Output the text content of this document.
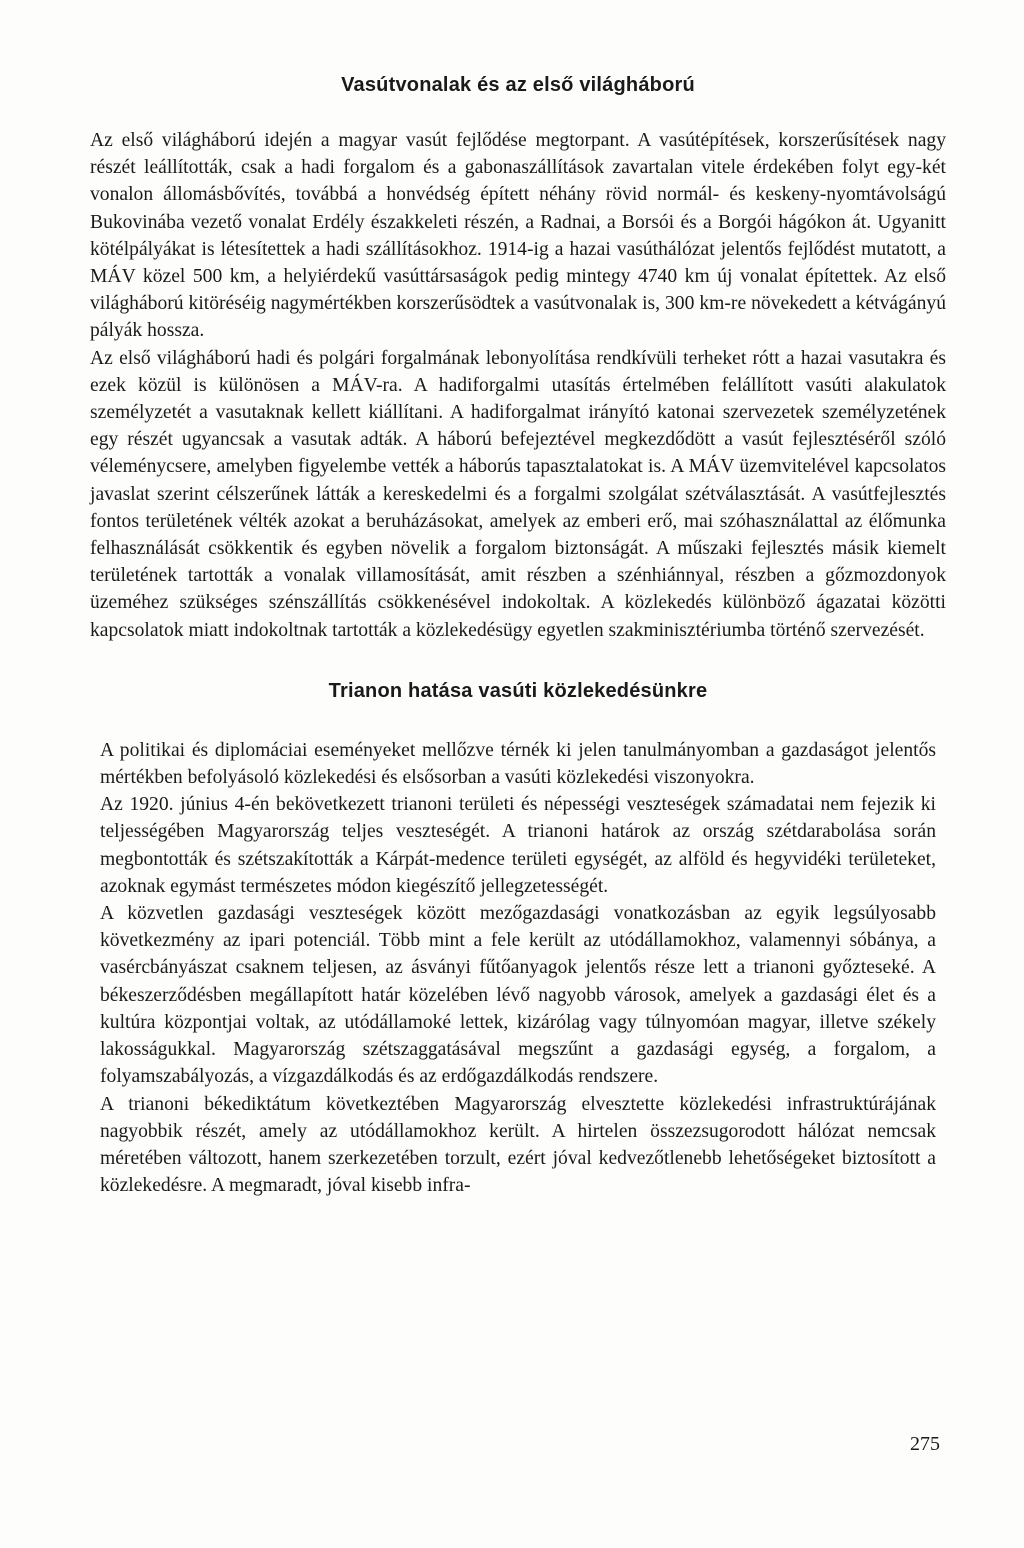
Vasútvonalak és az első világháború

Az első világháború idején a magyar vasút fejlődése megtorpant. A vasútépítések, korszerűsítések nagy részét leállították, csak a hadi forgalom és a gabonaszállítások zavartalan vitele érdekében folyt egy-két vonalon állomásbővítés, továbbá a honvédség épített néhány rövid normál- és keskeny-nyomtávolságú Bukovinába vezető vonalat Erdély északkeleti részén, a Radnai, a Borsói és a Borgói hágókon át. Ugyanitt kötélpályákat is létesítettek a hadi szállításokhoz. 1914-ig a hazai vasúthálózat jelentős fejlődést mutatott, a MÁV közel 500 km, a helyiérdekű vasúttársaságok pedig mintegy 4740 km új vonalat építettek. Az első világháború kitöréséig nagymértékben korszerűsödtek a vasútvonalak is, 300 km-re növekedett a kétvágányú pályák hossza.

Az első világháború hadi és polgári forgalmának lebonyolítása rendkívüli terheket rótt a hazai vasutakra és ezek közül is különösen a MÁV-ra. A hadiforgalmi utasítás értelmében felállított vasúti alakulatok személyzetét a vasutaknak kellett kiállítani. A hadiforgalmat irányító katonai szervezetek személyzetének egy részét ugyancsak a vasutak adták. A háború befejeztével megkezdődött a vasút fejlesztéséről szóló véleménycsere, amelyben figyelembe vették a háborús tapasztalatokat is. A MÁV üzemvitelével kapcsolatos javaslat szerint célszerűnek látták a kereskedelmi és a forgalmi szolgálat szétválasztását. A vasútfejlesztés fontos területének vélték azokat a beruházásokat, amelyek az emberi erő, mai szóhasználattal az élőmunka felhasználását csökkentik és egyben növelik a forgalom biztonságát. A műszaki fejlesztés másik kiemelt területének tartották a vonalak villamosítását, amit részben a szénhiánnyal, részben a gőzmozdonyok üzeméhez szükséges szénszállítás csökkenésével indokoltak. A közlekedés különböző ágazatai közötti kapcsolatok miatt indokoltnak tartották a közlekedésügy egyetlen szakminisztériumba történő szervezését.

Trianon hatása vasúti közlekedésünkre

A politikai és diplomáciai eseményeket mellőzve térnék ki jelen tanulmányomban a gazdaságot jelentős mértékben befolyásoló közlekedési és elsősorban a vasúti közlekedési viszonyokra.

Az 1920. június 4-én bekövetkezett trianoni területi és népességi veszteségek számadatai nem fejezik ki teljességében Magyarország teljes veszteségét. A trianoni határok az ország szétdarabolása során megbontották és szétszakították a Kárpát-medence területi egységét, az alföld és hegyvidéki területeket, azoknak egymást természetes módon kiegészítő jellegzetességét.

A közvetlen gazdasági veszteségek között mezőgazdasági vonatkozásban az egyik legsúlyosabb következmény az ipari potenciál. Több mint a fele került az utódállamokhoz, valamennyi sóbánya, a vasércbányászat csaknem teljesen, az ásványi fűtőanyagok jelentős része lett a trianoni győzteseké. A békeszerződésben megállapított határ közelében lévő nagyobb városok, amelyek a gazdasági élet és a kultúra központjai voltak, az utódállamoké lettek, kizárólag vagy túlnyomóan magyar, illetve székely lakosságukkal. Magyarország szétszaggatásával megszűnt a gazdasági egység, a forgalom, a folyamszabályozás, a vízgazdálkodás és az erdőgazdálkodás rendszere.

A trianoni békediktátum következtében Magyarország elvesztette közlekedési infrastruktúrájának nagyobbik részét, amely az utódállamokhoz került. A hirtelen összezsugorodott hálózat nemcsak méretében változott, hanem szerkezetében torzult, ezért jóval kedvezőtlenebb lehetőségeket biztosított a közlekedésre. A megmaradt, jóval kisebb infra-

275
